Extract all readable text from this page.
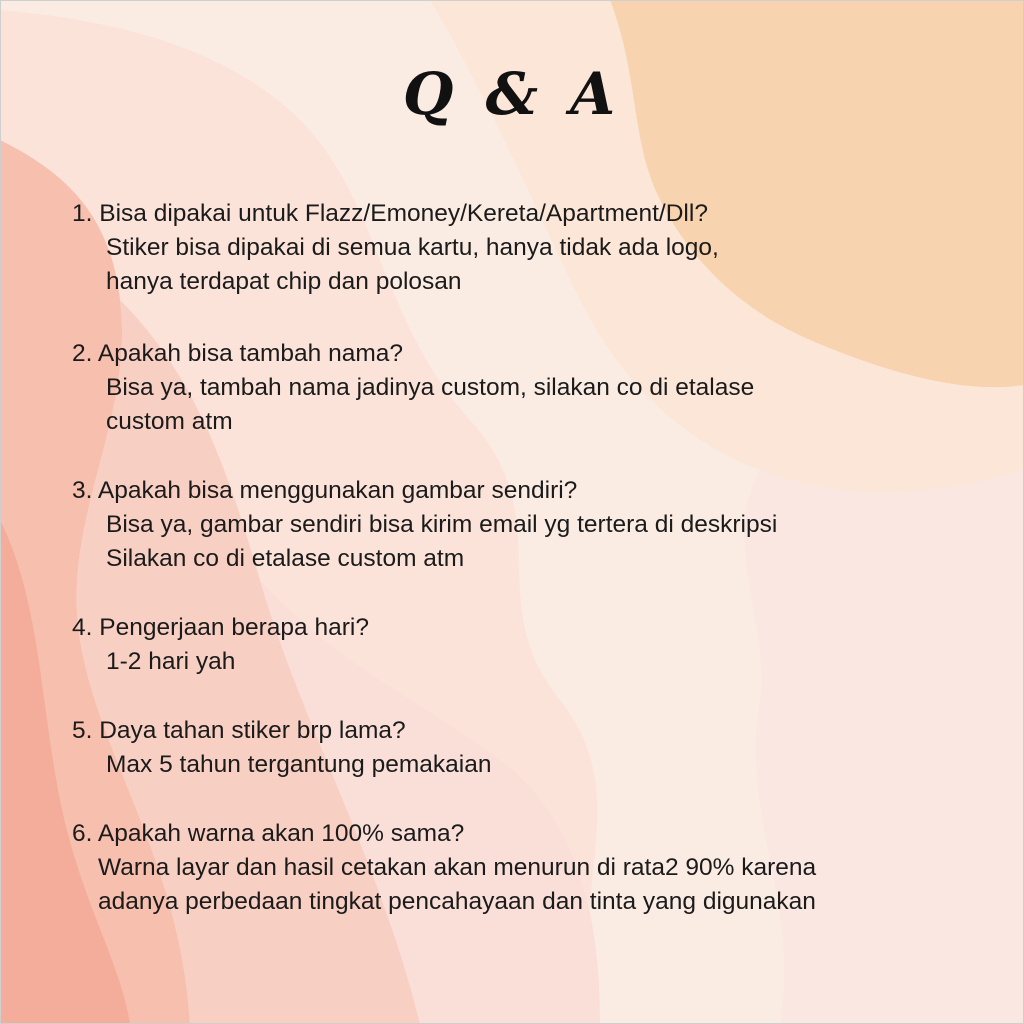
Q & A
1. Bisa dipakai untuk Flazz/Emoney/Kereta/Apartment/Dll?
Stiker bisa dipakai di semua kartu, hanya tidak ada logo,
hanya terdapat chip dan polosan
2. Apakah bisa tambah nama?
Bisa ya, tambah nama jadinya custom, silakan co di etalase
custom atm
3. Apakah bisa menggunakan gambar sendiri?
Bisa ya, gambar sendiri bisa kirim email yg tertera di deskripsi
Silakan co di etalase custom atm
4. Pengerjaan berapa hari?
1-2 hari yah
5. Daya tahan stiker brp lama?
Max 5 tahun tergantung pemakaian
6. Apakah warna akan 100% sama?
Warna layar dan hasil cetakan akan menurun di rata2 90% karena
adanya perbedaan tingkat pencahayaan dan tinta yang digunakan
